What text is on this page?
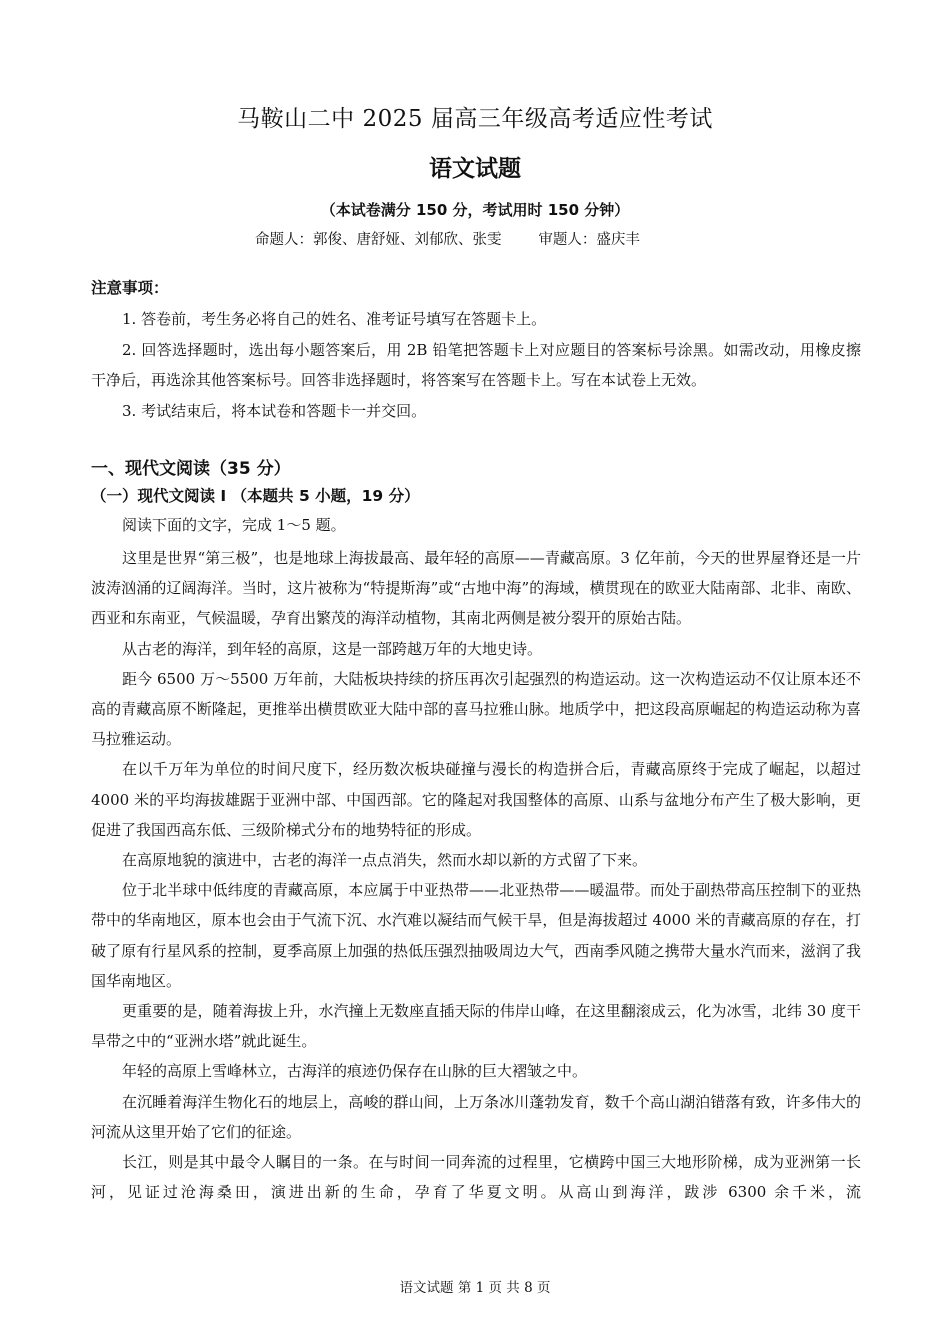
马鞍山二中 2025 届高三年级高考适应性考试
语文试题
（本试卷满分 150 分，考试用时 150 分钟）
命题人：郭俊、唐舒娅、刘郁欣、张雯        审题人：盛庆丰
注意事项：
1. 答卷前，考生务必将自己的姓名、准考证号填写在答题卡上。
2. 回答选择题时，选出每小题答案后，用 2B 铅笔把答题卡上对应题目的答案标号涂黑。如需改动，用橡皮擦干净后，再选涂其他答案标号。回答非选择题时，将答案写在答题卡上。写在本试卷上无效。
3. 考试结束后，将本试卷和答题卡一并交回。
一、现代文阅读（35 分）
（一）现代文阅读 I （本题共 5 小题，19 分）
阅读下面的文字，完成 1～5 题。

这里是世界“第三极”，也是地球上海拔最高、最年轻的高原——青藏高原。3 亿年前，今天的世界屋脊还是一片波涛汹涌的辽阔海洋。当时，这片被称为“特提斯海”或“古地中海”的海域，横贯现在的欧亚大陆南部、北非、南欧、西亚和东南亚，气候温暖，孕育出繁茂的海洋动植物，其南北两侧是被分裂开的原始古陆。

从古老的海洋，到年轻的高原，这是一部跨越万年的大地史诗。

距今 6500 万～5500 万年前，大陆板块持续的挤压再次引起强烈的构造运动。这一次构造运动不仅让原本还不高的青藏高原不断隆起，更推举出横贯欧亚大陆中部的喜马拉雅山脉。地质学中，把这段高原崛起的构造运动称为喜马拉雅运动。

在以千万年为单位的时间尺度下，经历数次板块碰撞与漫长的构造拼合后，青藏高原终于完成了崛起，以超过 4000 米的平均海拔雄踞于亚洲中部、中国西部。它的隆起对我国整体的高原、山系与盆地分布产生了极大影响，更促进了我国西高东低、三级阶梯式分布的地势特征的形成。

在高原地貌的演进中，古老的海洋一点点消失，然而水却以新的方式留了下来。

位于北半球中低纬度的青藏高原，本应属于中亚热带——北亚热带——暖温带。而处于副热带高压控制下的亚热带中的华南地区，原本也会由于气流下沉、水汽难以凝结而气候干旱，但是海拔超过 4000 米的青藏高原的存在，打破了原有行星风系的控制，夏季高原上加强的热低压强烈抽吸周边大气，西南季风随之携带大量水汽而来，滋润了我国华南地区。

更重要的是，随着海拔上升，水汽撞上无数座直插天际的伟岸山峰，在这里翻滚成云，化为冰雪，北纬 30 度干旱带之中的“亚洲水塔”就此诞生。

年轻的高原上雪峰林立，古海洋的痕迹仍保存在山脉的巨大褶皱之中。

在沉睡着海洋生物化石的地层上，高峻的群山间，上万条冰川蓬勃发育，数千个高山湖泊错落有致，许多伟大的河流从这里开始了它们的征途。

长江，则是其中最令人瞩目的一条。在与时间一同奔流的过程里，它横跨中国三大地形阶梯，成为亚洲第一长河，见证过沧海桑田，演进出新的生命，孕育了华夏文明。从高山到海洋，跋涉 6300 余千米，流

语文试题 第 1 页 共 8 页
